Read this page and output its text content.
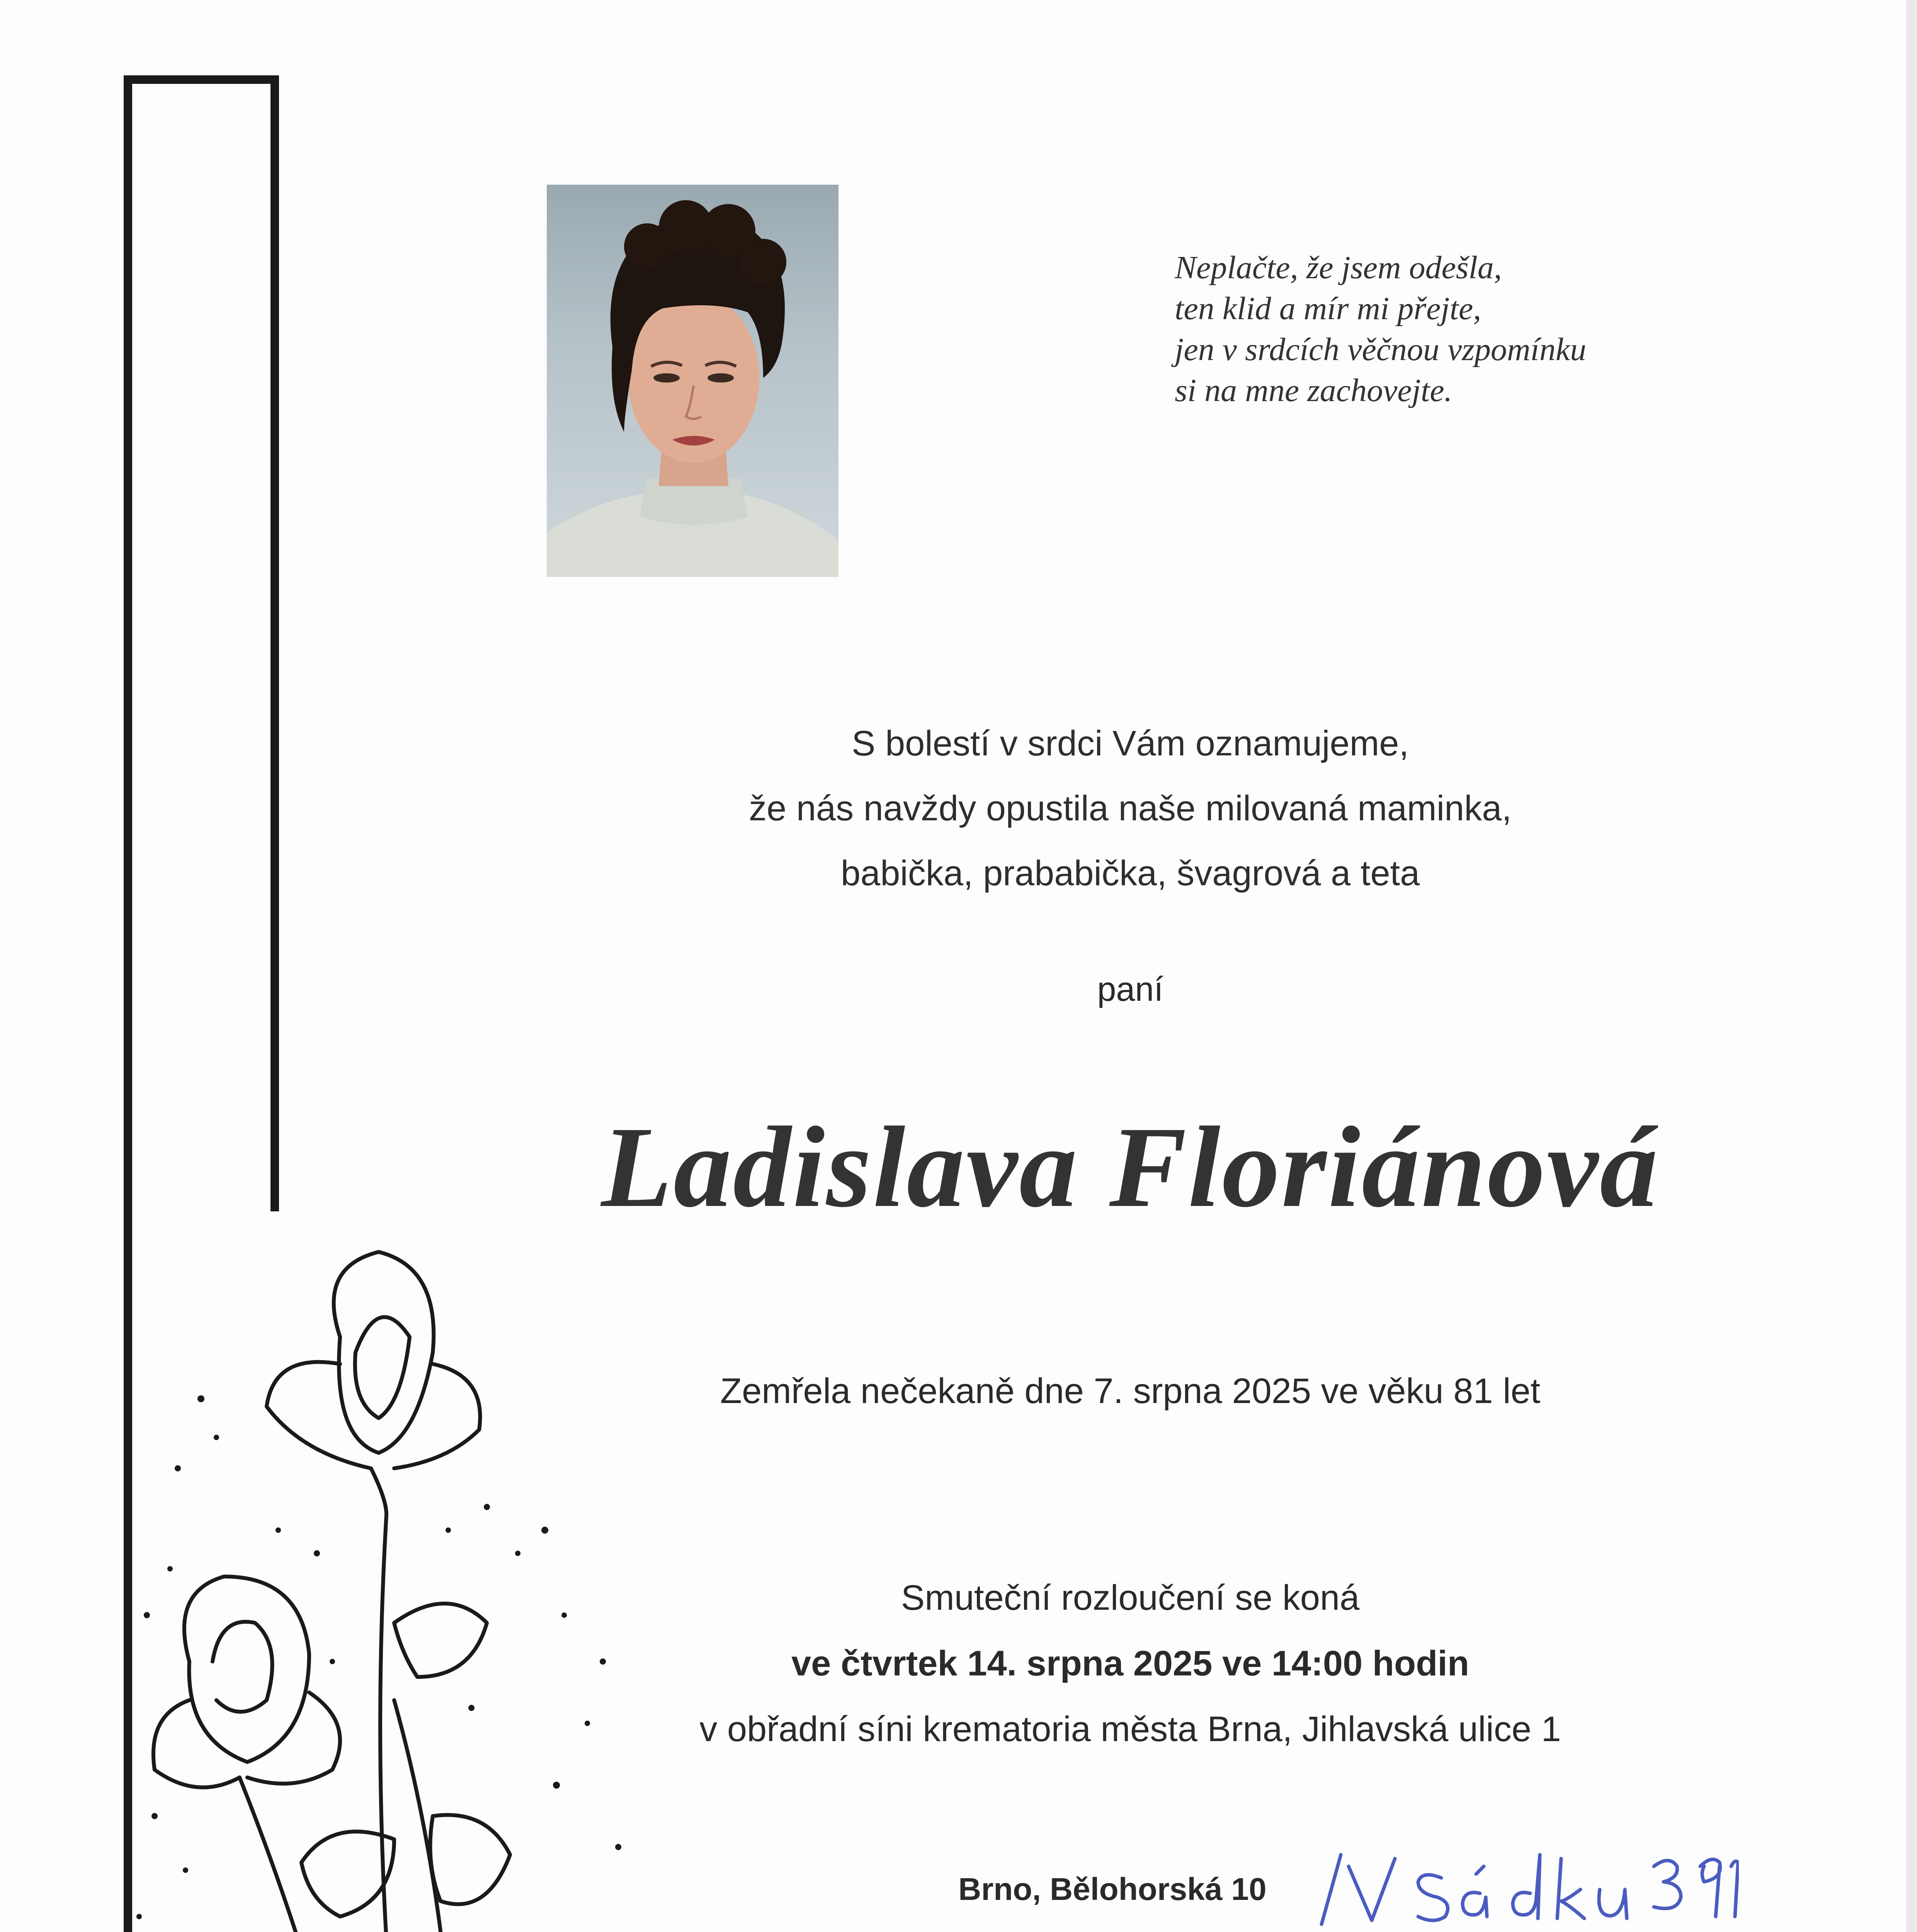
Neplačte, že jsem odešla,
ten klid a mír mi přejte,
jen v srdcích věčnou vzpomínku
si na mne zachovejte.
S bolestí v srdci Vám oznamujeme,
že nás navždy opustila naše milovaná maminka,
babička, prababička, švagrová a teta
paní
Ladislava Floriánová
Zemřela nečekaně dne 7. srpna 2025 ve věku 81 let
Smuteční rozloučení se koná
ve čtvrtek 14. srpna 2025 ve 14:00 hodin
v obřadní síni krematoria města Brna, Jihlavská ulice 1
Brno, Bělohorská 10
